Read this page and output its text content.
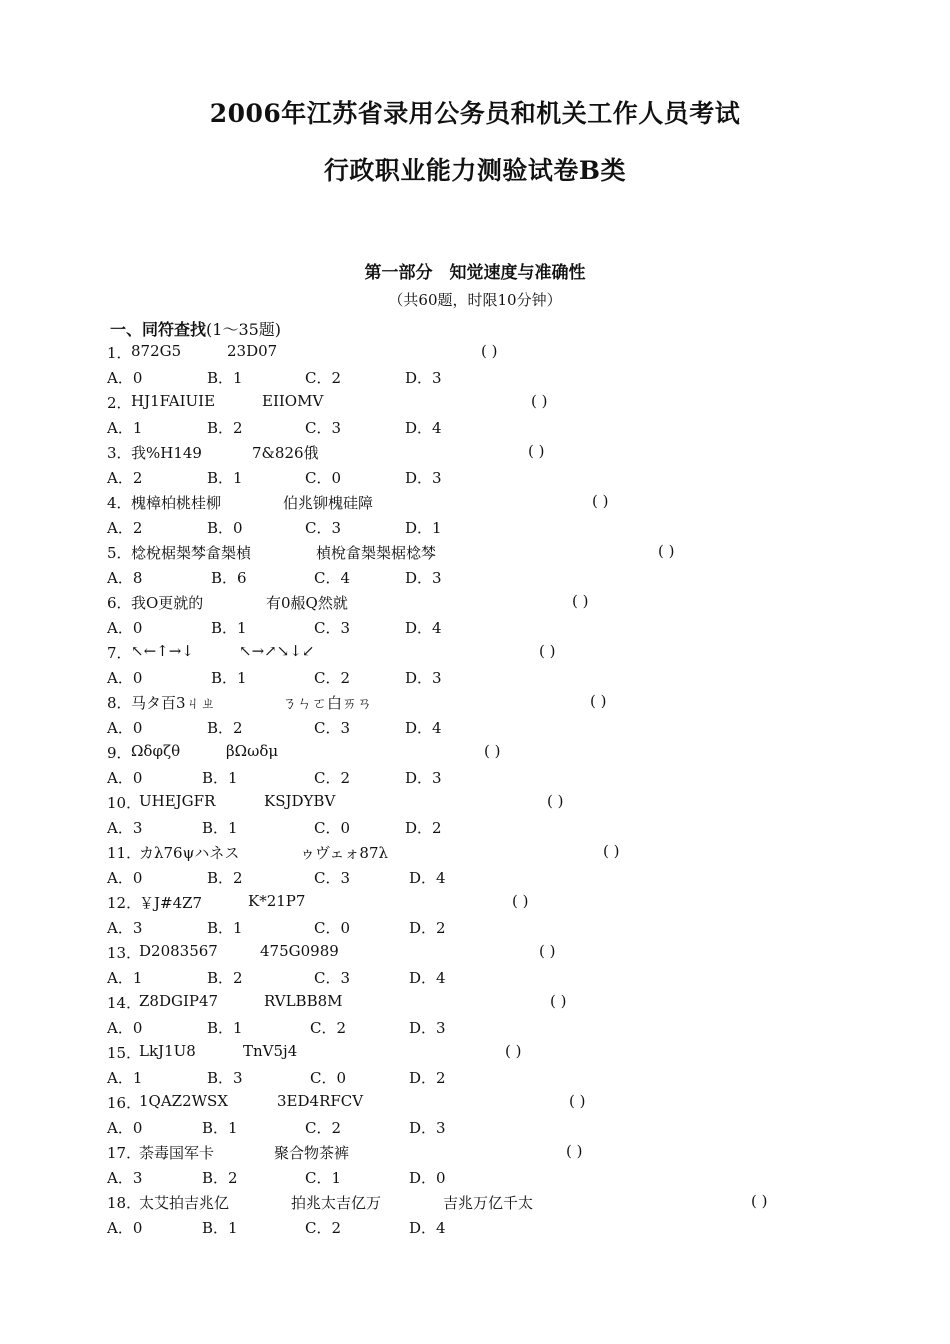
2006年江苏省录用公务员和机关工作人员考试
行政职业能力测验试卷B类
第一部分　知觉速度与准确性
（共60题，时限10分钟）
一、同符查找(1～35题)
1． 872G5	23D07	( )
A．0	B．1	C．2	D．3
2． HJ1FAIUIE	EIIOMV	( )
A．1	B．2	C．3	D．4
3． 我%H149	7&826俄	( )
A．2	B．1	C．0	D．3
4． 槐樟柏桃桂柳	伯兆铆槐硅障	( )
A．2	B．0	C．3	D．1
5． 棯梲椐椝棽畣椝楨	楨梲畣椝椝椐棯棽	( )
A．8	B．6	C．4	D．3
6． 我O更就的	有0赧Q然就	( )
A．0	B．1	C．3	D．4
7． ↖←↑→↓	↖→↗↘↓↙	( )
A．0	B．1	C．2	D．3
8． 马タ百3ㄐㄓ	ㄋㄣㄛ白ㄞㄢ	( )
A．0	B．2	C．3	D．4
9． Ωδφζθ	βΩωδμ	( )
A．0	B．1	C．2	D．3
10．
UHEJGFR	KSJDYBV	( )
A．3	B．1	C．0	D．2
11．
カλ76ψハネス	ゥヴェォ87λ	( )
A．0	B．2	C．3	D．4
12．
￥J#4Z7	K*21P7	( )
A．3	B．1	C．0	D．2
13．
D2083567	475G0989	( )
A．1	B．2	C．3	D．4
14．
Z8DGIP47	RVLBB8M	( )
A．0	B．1	C．2	D．3
15．
LkJ1U8	TnV5j4	( )
A．1	B．3	C．0	D．2
16．
1QAZ2WSX	3ED4RFCV	( )
A．0	B．1	C．2	D．3
17．
荼毒国军卡	聚合物茶裤	( )
A．3	B．2	C．1	D．0
18．
太艾拍吉兆亿	拍兆太吉亿万	吉兆万亿千太	( )
A．0	B．1	C．2	D．4
